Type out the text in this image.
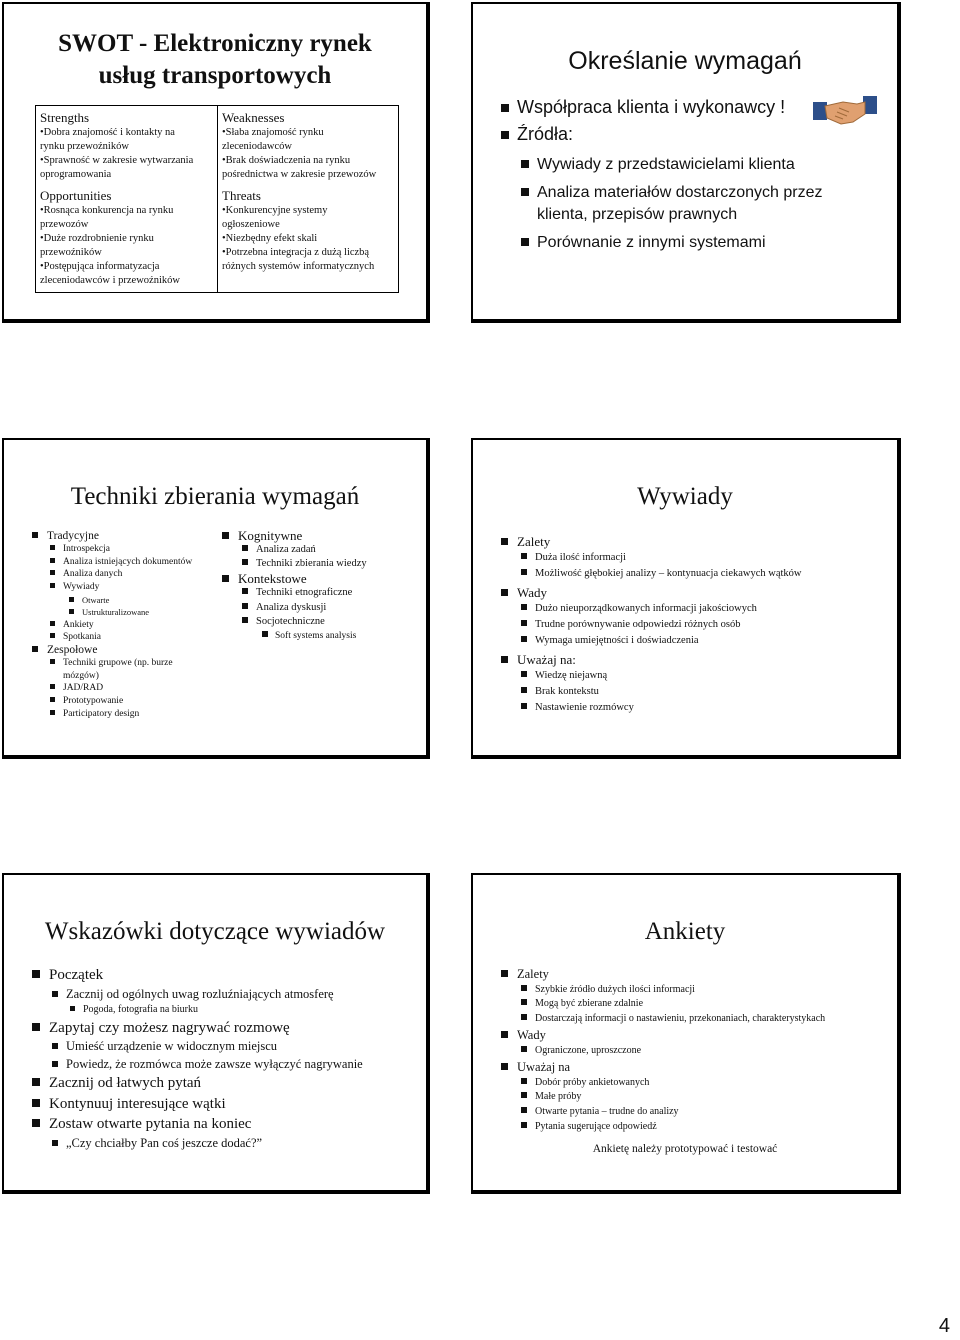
SWOT - Elektroniczny rynek
usług transportowych
Strengths
•Dobra znajomość i kontakty na
rynku przewoźników
•Sprawność w zakresie wytwarzania
oprogramowania
Weaknesses
•Słaba znajomość rynku
zleceniodawców
•Brak doświadczenia na rynku
pośrednictwa w zakresie przewozów
Opportunities
•Rosnąca konkurencja na rynku
przewozów
•Duże rozdrobnienie rynku
przewoźników
•Postępująca informatyzacja
zleceniodawców i przewoźników
Threats
•Konkurencyjne systemy
ogłoszeniowe
•Niezbędny efekt skali
•Potrzebna integracja z dużą liczbą
różnych systemów informatycznych
Określanie wymagań
Współpraca klienta i wykonawcy !
Źródła:
Wywiady z przedstawicielami klienta
Analiza materiałów dostarczonych przez
klienta, przepisów prawnych
Porównanie z innymi systemami
Techniki zbierania wymagań
Tradycyjne
Introspekcja
Analiza istniejących dokumentów
Analiza danych
Wywiady
Otwarte
Ustrukturalizowane
Ankiety
Spotkania
Zespołowe
Techniki grupowe (np. burze
mózgów)
JAD/RAD
Prototypowanie
Participatory design
Kognitywne
Analiza zadań
Techniki zbierania wiedzy
Kontekstowe
Techniki etnograficzne
Analiza dyskusji
Socjotechniczne
Soft systems analysis
Wywiady
Zalety
Duża ilość informacji
Możliwość głębokiej analizy – kontynuacja ciekawych wątków
Wady
Dużo nieuporządkowanych informacji jakościowych
Trudne porównywanie odpowiedzi różnych osób
Wymaga umiejętności i doświadczenia
Uważaj na:
Wiedzę niejawną
Brak kontekstu
Nastawienie rozmówcy
Wskazówki dotyczące wywiadów
Początek
Zacznij od ogólnych uwag rozluźniających atmosferę
Pogoda, fotografia na biurku
Zapytaj czy możesz nagrywać rozmowę
Umieść urządzenie w widocznym miejscu
Powiedz, że rozmówca może zawsze wyłączyć nagrywanie
Zacznij od łatwych pytań
Kontynuuj interesujące wątki
Zostaw otwarte pytania na koniec
„Czy chciałby Pan coś jeszcze dodać?”
Ankiety
Zalety
Szybkie źródło dużych ilości informacji
Mogą być zbierane zdalnie
Dostarczają informacji o nastawieniu, przekonaniach, charakterystykach
Wady
Ograniczone, uproszczone
Uważaj na
Dobór próby ankietowanych
Małe próby
Otwarte pytania – trudne do analizy
Pytania sugerujące odpowiedź
Ankietę należy prototypować i testować
4
